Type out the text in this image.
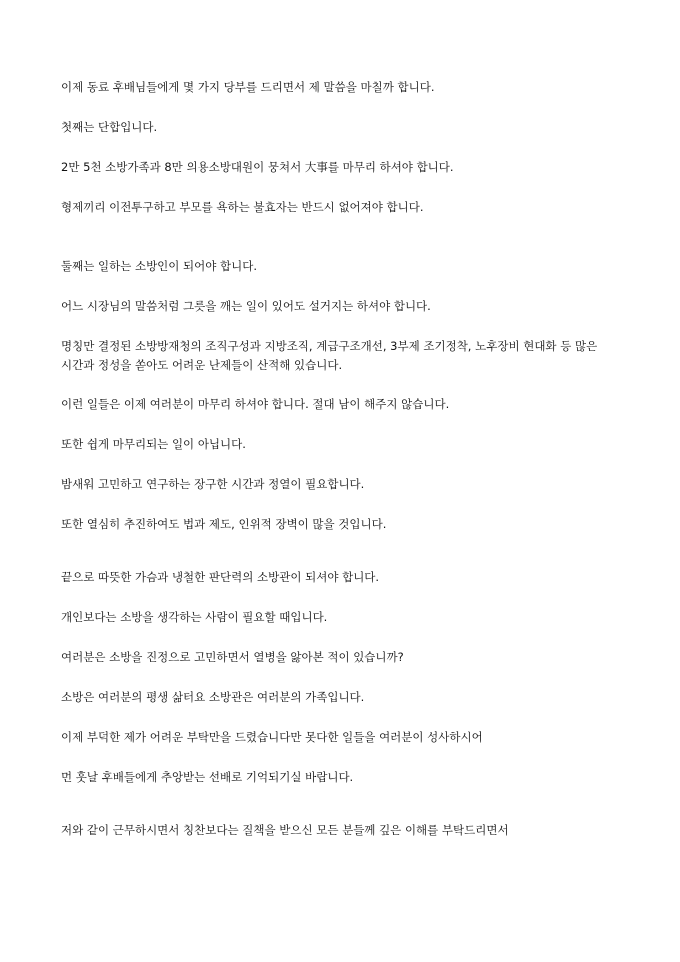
이제 동료 후배님들에게 몇 가지 당부를 드리면서 제 말씀을 마칠까 합니다.

첫째는 단합입니다.

2만 5천 소방가족과 8만 의용소방대원이 뭉쳐서 大事를 마무리 하셔야 합니다.

형제끼리 이전투구하고 부모를 욕하는 불효자는 반드시 없어져야 합니다.

둘째는 일하는 소방인이 되어야 합니다.

어느 시장님의 말씀처럼 그릇을 깨는 일이 있어도 설거지는 하셔야 합니다.

명칭만 결정된 소방방재청의 조직구성과 지방조직, 계급구조개선, 3부제 조기정착, 노후장비 현대화 등 많은 시간과 정성을 쏟아도 어려운 난제들이 산적해 있습니다.

이런 일들은 이제 여러분이 마무리 하셔야 합니다. 절대 남이 해주지 않습니다.

또한 쉽게 마무리되는 일이 아닙니다.

밤새워 고민하고 연구하는 장구한 시간과 정열이 필요합니다.

또한 열심히 추진하여도 법과 제도, 인위적 장벽이 많을 것입니다.

끝으로 따뜻한 가슴과 냉철한 판단력의 소방관이 되셔야 합니다.

개인보다는 소방을 생각하는 사람이 필요할 때입니다.

여러분은 소방을 진정으로 고민하면서 열병을 앓아본 적이 있습니까?

소방은 여러분의 평생 삶터요 소방관은 여러분의 가족입니다.

이제 부덕한 제가 어려운 부탁만을 드렸습니다만 못다한 일들을 여러분이 성사하시어

먼 훗날 후배들에게 추앙받는 선배로 기억되기실 바랍니다.

저와 같이 근무하시면서 칭찬보다는 질책을 받으신 모든 분들께 깊은 이해를 부탁드리면서
